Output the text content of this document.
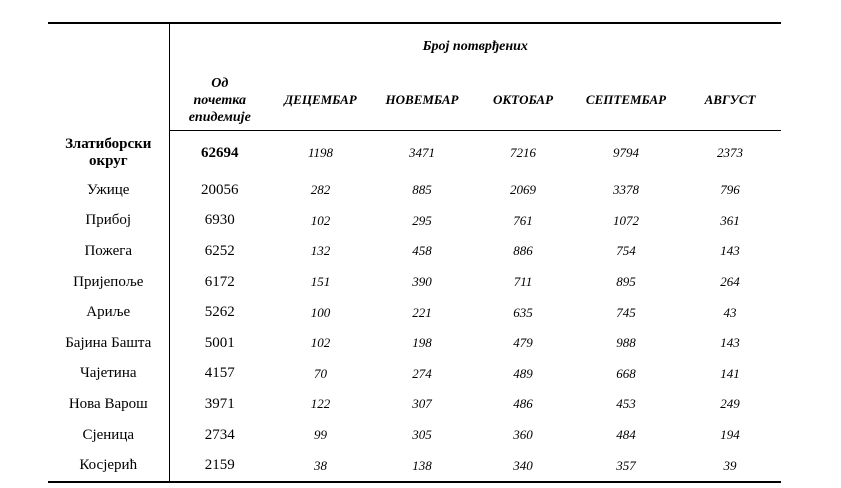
	Број потврђених					
	Од
почетка
епидемије	ДЕЦЕМБАР	НОВЕМБАР	ОКТОБАР	СЕПТЕМБАР	АВГУСТ
Златиборски
округ	62694	1198	3471	7216	9794	2373
Ужице	20056	282	885	2069	3378	796
Прибој	6930	102	295	761	1072	361
Пожега	6252	132	458	886	754	143
Пријепоље	6172	151	390	711	895	264
Ариље	5262	100	221	635	745	43
Бајина Башта	5001	102	198	479	988	143
Чајетина	4157	70	274	489	668	141
Нова Варош	3971	122	307	486	453	249
Сјеница	2734	99	305	360	484	194
Косјерић	2159	38	138	340	357	39
